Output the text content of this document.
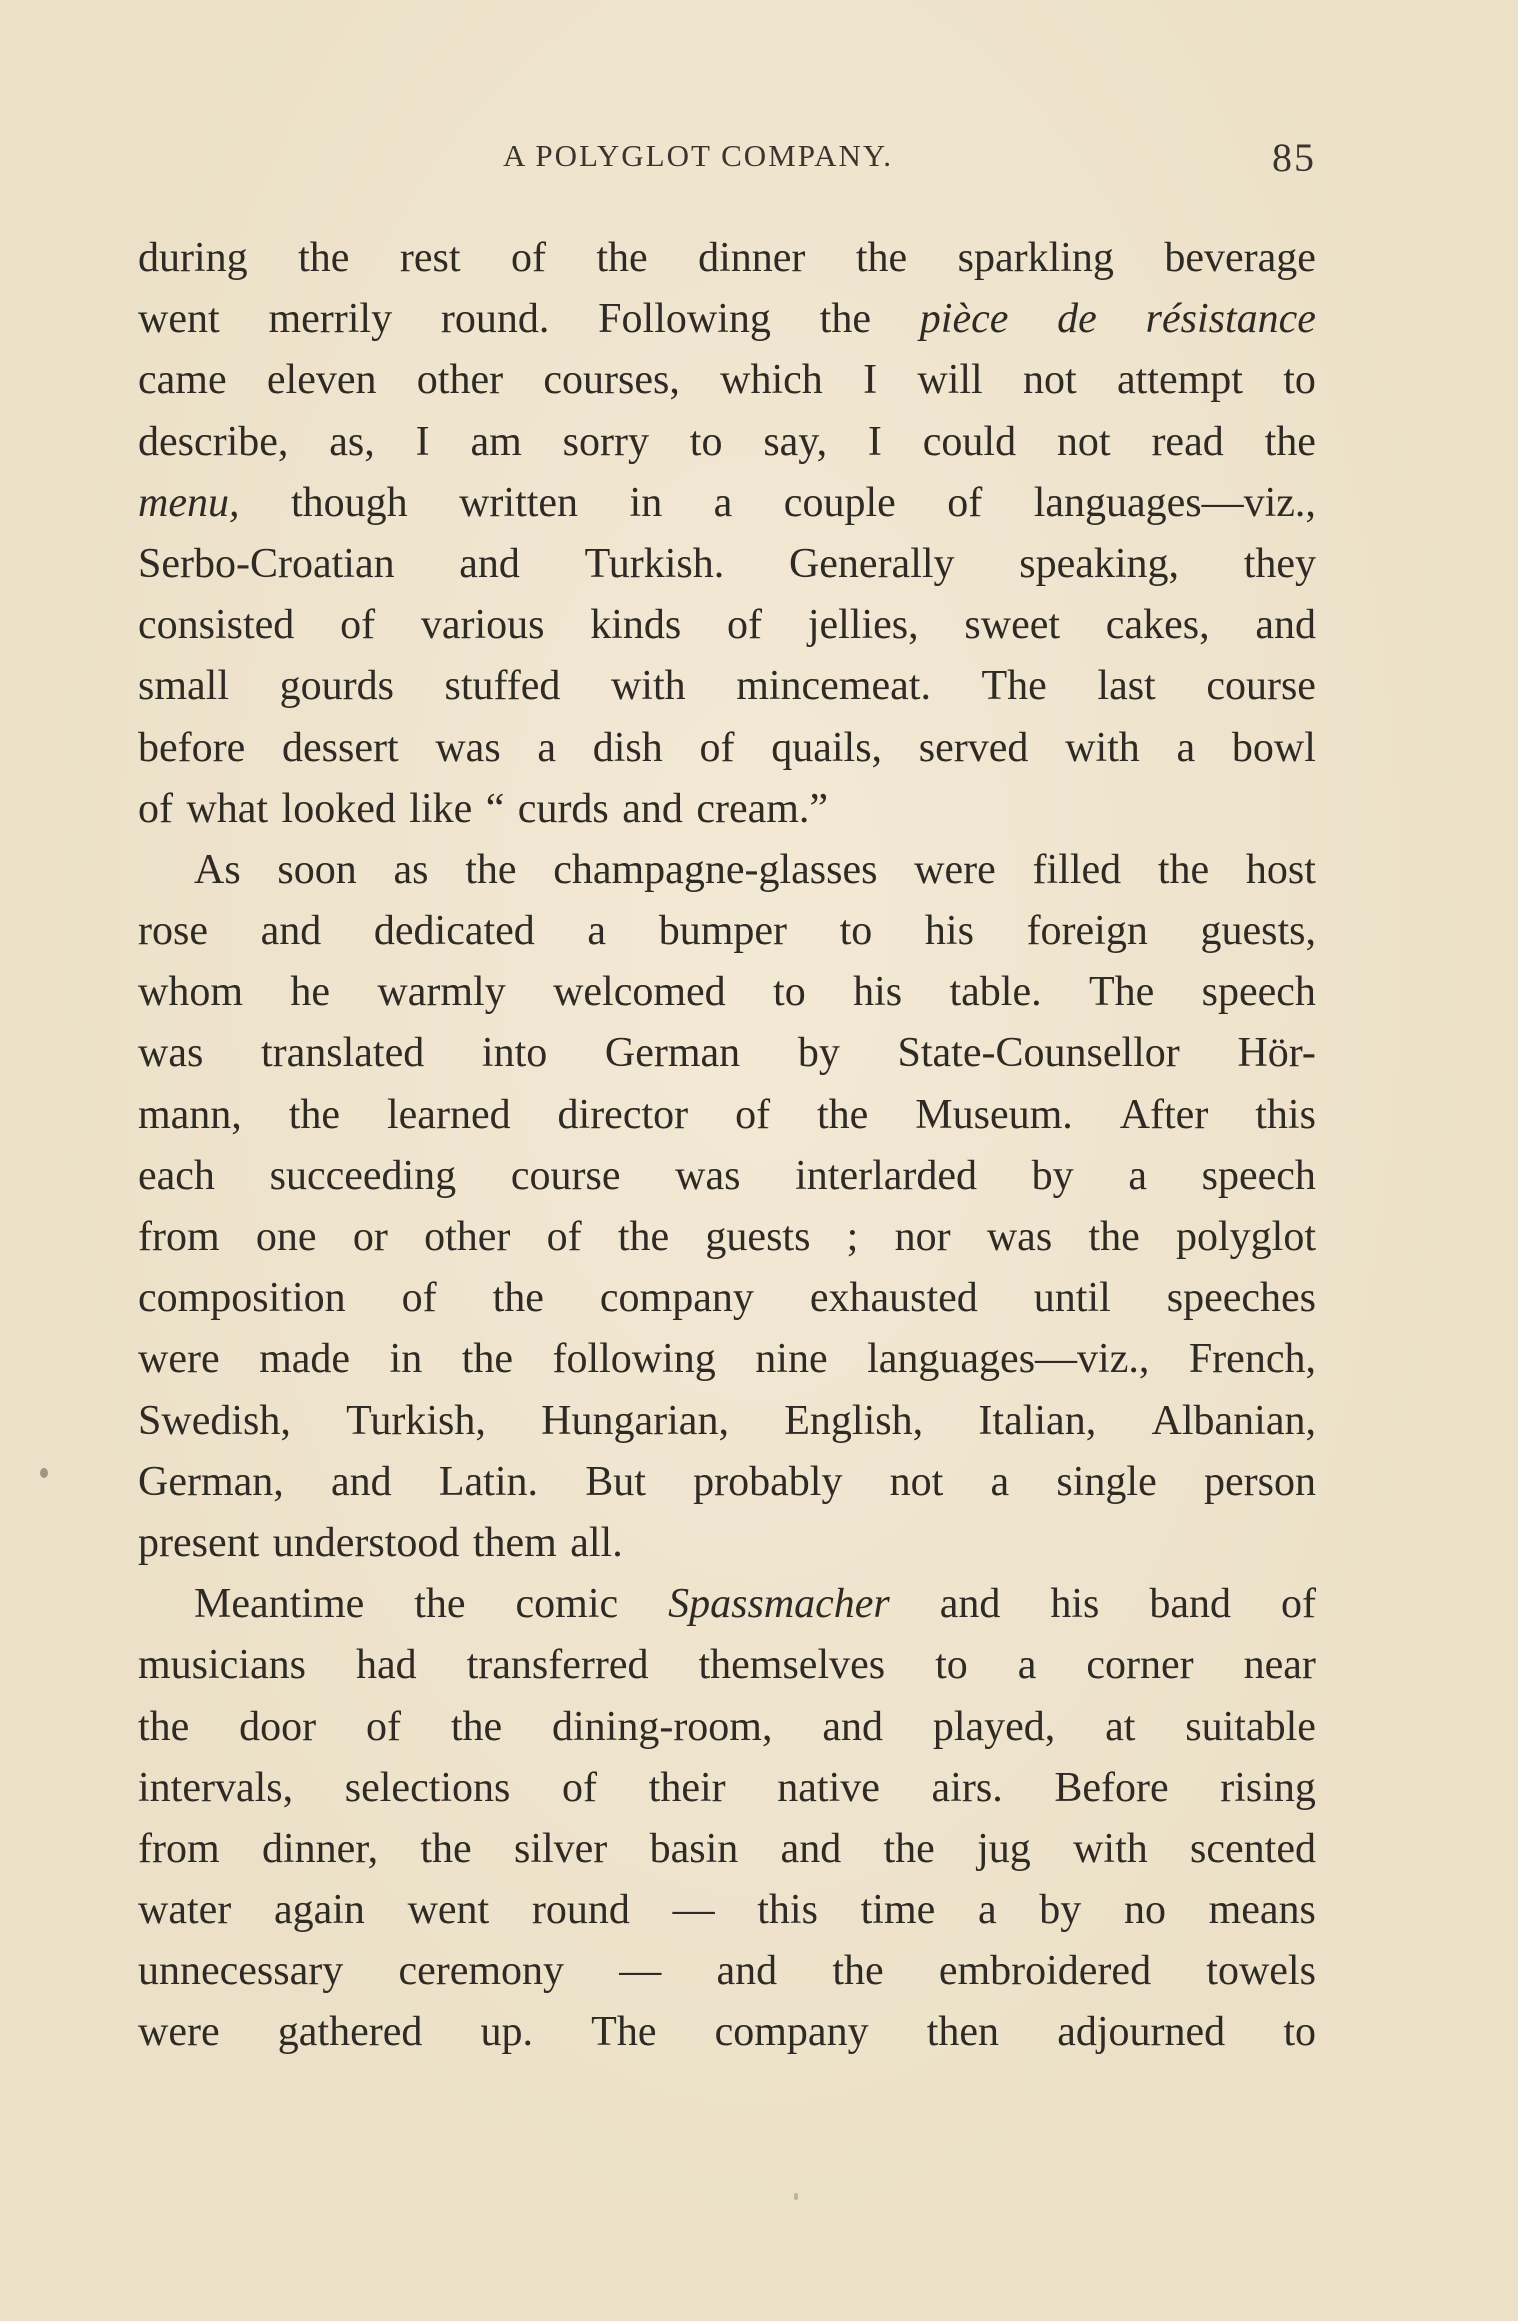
A POLYGLOT COMPANY.	85
during the rest of the dinner the sparkling beverage
went merrily round. Following the pièce de résistance
came eleven other courses, which I will not attempt to
describe, as, I am sorry to say, I could not read the
menu, though written in a couple of languages—viz.,
Serbo-Croatian and Turkish. Generally speaking, they
consisted of various kinds of jellies, sweet cakes, and
small gourds stuffed with mincemeat. The last course
before dessert was a dish of quails, served with a bowl
of what looked like “ curds and cream.”
As soon as the champagne-glasses were filled the host
rose and dedicated a bumper to his foreign guests,
whom he warmly welcomed to his table. The speech
was translated into German by State-Counsellor Hör-
mann, the learned director of the Museum. After this
each succeeding course was interlarded by a speech
from one or other of the guests ; nor was the polyglot
composition of the company exhausted until speeches
were made in the following nine languages—viz., French,
Swedish, Turkish, Hungarian, English, Italian, Albanian,
German, and Latin. But probably not a single person
present understood them all.
Meantime the comic Spassmacher and his band of
musicians had transferred themselves to a corner near
the door of the dining-room, and played, at suitable
intervals, selections of their native airs. Before rising
from dinner, the silver basin and the jug with scented
water again went round — this time a by no means
unnecessary ceremony — and the embroidered towels
were gathered up. The company then adjourned to
